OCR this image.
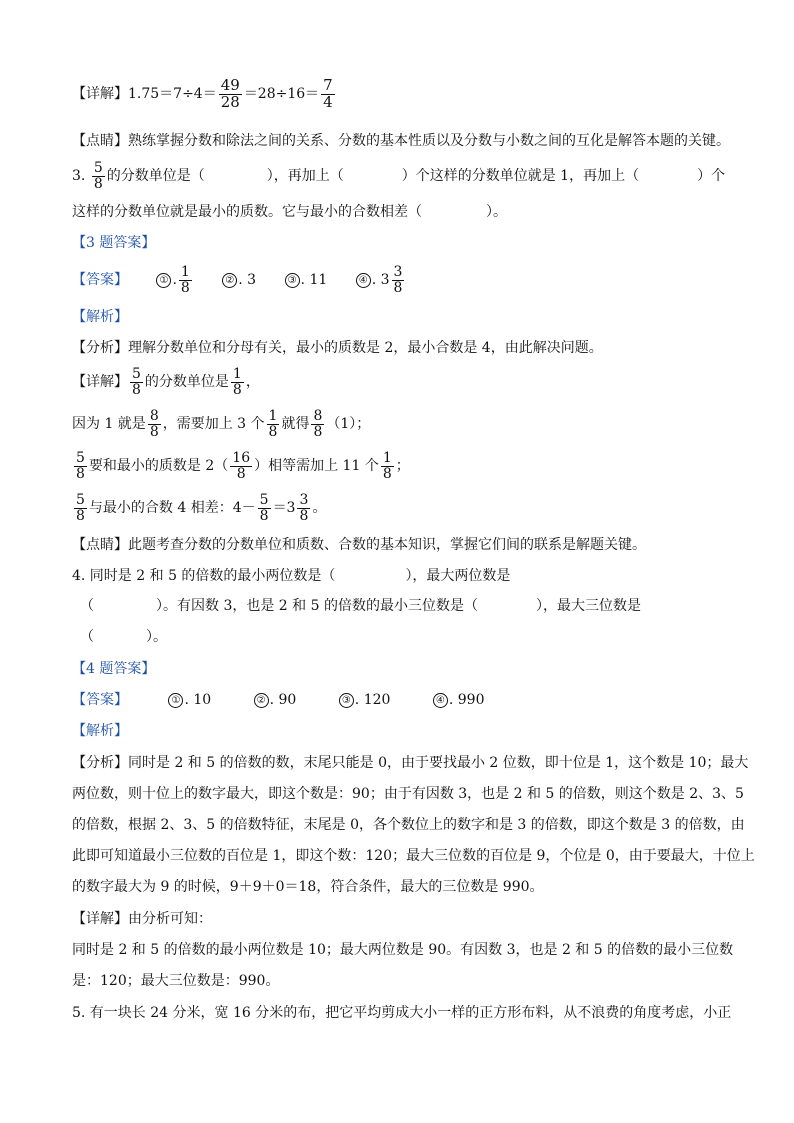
【详解】$1.75=7\div 4= \frac{49}{28} =28\div 16= \frac{7}{4}$
【点睛】熟练掌握分数和除法之间的关系、分数的基本性质以及分数与小数之间的互化是解答本题的关键。
3. $\frac{5}{8}$ 的分数单位是（	），再加上（	）个这样的分数单位就是 1，再加上（	）个
这样的分数单位就是最小的质数。它与最小的合数相差（	）。
【3 题答案】
【答案】	① . $\frac{1}{8}$	② . 3	③ . 11	④ . $3 \frac{3}{8}$
【解析】
【分析】理解分数单位和分母有关，最小的质数是 2，最小合数是 4，由此解决问题。
【详解】 $\frac{5}{8}$ 的分数单位是 $\frac{1}{8}$ ，
因为 1 就是 $\frac{8}{8}$ ，需要加上 3 个 $\frac{1}{8}$ 就得 $\frac{8}{8} (1)$；
$\frac{5}{8}$ 要和最小的质数是 $2( \frac{16}{8}$ ）相等需加上 11 个 $\frac{1}{8}$ ；
$\frac{5}{8}$ 与最小的合数 4 相差：$4- \frac{5}{8} =3 \frac{3}{8}$ 。
【点睛】此题考查分数的分数单位和质数、合数的基本知识，掌握它们间的联系是解题关键。
4. 同时是 2 和 5 的倍数的最小两位数是（	），最大两位数是
（	）。有因数 3，也是 2 和 5 的倍数的最小三位数是（	），最大三位数是
（	）。
【4 题答案】
【答案】	① . 10	② . 90	③ . 120	④ . 990
【解析】
【分析】同时是 2 和 5 的倍数的数，末尾只能是 0，由于要找最小 2 位数，即十位是 1，这个数是 10；最大
两位数，则十位上的数字最大，即这个数是：90；由于有因数 3，也是 2 和 5 的倍数，则这个数是 2、3、5
的倍数，根据 2、3、5 的倍数特征，末尾是 0，各个数位上的数字和是 3 的倍数，即这个数是 3 的倍数，由
此即可知道最小三位数的百位是 1，即这个数：120；最大三位数的百位是 9，个位是 0，由于要最大，十位上
的数字最大为 9 的时候，9＋9＋0＝18，符合条件，最大的三位数是 990。
【详解】由分析可知：
同时是 2 和 5 的倍数的最小两位数是 10；最大两位数是 90。有因数 3，也是 2 和 5 的倍数的最小三位数
是：120；最大三位数是：990。
5. 有一块长 24 分米，宽 16 分米的布，把它平均剪成大小一样的正方形布料，从不浪费的角度考虑，小正
